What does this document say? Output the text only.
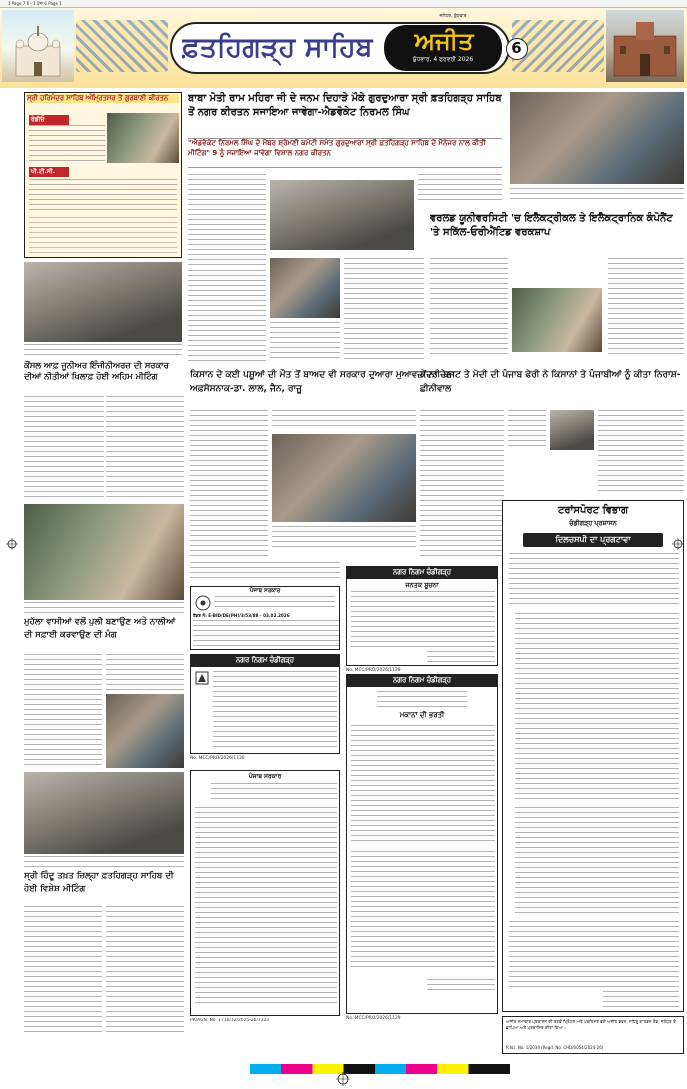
1 Page 7 6 - 1 ਪੰਨਾ 6 Page 1
ਫ਼ਤਹਿਗੜ੍ਹ ਸਾਹਿਬ	ਅਜੀਤ
ਬੁੱਧਵਾਰ, 4 ਫਰਵਰੀ 2026
ਜਲੰਧਰ, ਬੁੱਧਵਾਰ
6
ਸ੍ਰੀ ਹਰਿਮੰਦਰ ਸਾਹਿਬ ਅੰਮ੍ਰਿਤਸਰ ਤੋਂ ਗੁਰਬਾਣੀ ਕੀਰਤਨ
ਰੇਡੀਓ
ਪੀ.ਟੀ.ਸੀ.
ਬਾਬਾ ਮੋਤੀ ਰਾਮ ਮਹਿਰਾ ਜੀ ਦੇ ਜਨਮ ਦਿਹਾੜੇ ਮੌਕੇ ਗੁਰਦੁਆਰਾ ਸ੍ਰੀ ਫ਼ਤਹਿਗੜ੍ਹ ਸਾਹਿਬ ਤੋਂ ਨਗਰ ਕੀਰਤਨ ਸਜਾਇਆ ਜਾਵੇਗਾ-ਐਡਵੋਕੇਟ ਨਿਰਮਲ ਸਿੰਘ
"ਐਡਵੋਕੇਟ ਨਿਰਮਲ ਸਿੰਘ ਦੇ ਮੈਂਬਰ ਸ਼੍ਰੋਮਣੀ ਕਮੇਟੀ ਸਮੇਤ ਗੁਰਦੁਆਰਾ ਸ੍ਰੀ ਫ਼ਤਹਿਗੜ੍ਹ ਸਾਹਿਬ ਦੇ ਮੈਨੇਜਰ ਨਾਲ ਕੀਤੀ ਮੀਟਿੰਗ" 9 ਨੂੰ ਸਜਾਇਆ ਜਾਵੇਗਾ ਵਿਸ਼ਾਲ ਨਗਰ ਕੀਰਤਨ
ਵਰਲਡ ਯੂਨੀਵਰਸਿਟੀ 'ਚ ਇਲੈਕਟ੍ਰੀਕਲ ਤੇ ਇਲੈਕਟ੍ਰਾਨਿਕ ਕੰਪੋਨੈਂਟ 'ਤੇ ਸਕਿੱਲ-ਓਰੀਐਂਟਿਡ ਵਰਕਸ਼ਾਪ
ਕੌਂਸਲ ਆਫ਼ ਜੂਨੀਅਰ ਇੰਜੀਨੀਅਰਜ਼ ਦੀ ਸਰਕਾਰ ਦੀਆਂ ਨੀਤੀਆਂ ਖਿਲਾਫ਼ ਹੋਈ ਅਹਿਮ ਮੀਟਿੰਗ	ਕਿਸਾਨ ਦੇ ਕਈ ਪਸ਼ੂਆਂ ਦੀ ਮੌਤ ਤੋਂ ਬਾਅਦ ਵੀ ਸਰਕਾਰ ਦੁਆਰਾ ਮੁਆਵਜ਼ਾ ਨਾ ਦੇਣਾ ਅਫ਼ਸੋਸਨਾਕ-ਡਾ. ਲਾਲ, ਜੈਨ, ਰਾਜੂ
ਕੇਂਦਰੀ ਬਜਟ ਤੇ ਮੋਦੀ ਦੀ ਪੰਜਾਬ ਫੇਰੀ ਨੇ ਕਿਸਾਨਾਂ ਤੇ ਪੰਜਾਬੀਆਂ ਨੂੰ ਕੀਤਾ ਨਿਰਾਸ਼-ਛੀਨੀਵਾਲ
ਟਰਾਂਸਪੋਰਟ ਵਿਭਾਗ
ਚੰਡੀਗੜ੍ਹ ਪ੍ਰਸ਼ਾਸਨ
ਦਿਲਚਸਪੀ ਦਾ ਪ੍ਰਗਟਾਵਾ
ਮੁਹੱਲਾ ਵਾਸੀਆਂ ਵਲੋਂ ਪੁਲੀ ਬਣਾਉਣ ਅਤੇ ਨਾਲੀਆਂ ਦੀ ਸਫ਼ਾਈ ਕਰਵਾਉਣ ਦੀ ਮੰਗ
ਨਗਰ ਨਿਗਮ ਚੰਡੀਗੜ੍ਹ
ਜਨਤਕ ਸੂਚਨਾ
No. MCC/PRO/2026/1128
ਪੰਜਾਬ ਸਰਕਾਰ
ਟੈਂਡਰ ਨੰ: E-BID/DE(PH)/3/53/88 - 03.02.2026
ਨਗਰ ਨਿਗਮ ਚੰਡੀਗੜ੍ਹ
No. MCC/PRO/2026/1130
ਨਗਰ ਨਿਗਮ ਚੰਡੀਗੜ੍ਹ
ਮਕਾਨਾਂ ਦੀ ਭਰਤੀ
No. MCC/PRO/2026/1129
ਪੰਜਾਬ ਸਰਕਾਰ
PR/AGN. No. 1716/12/2025-26/7323
ਸ੍ਰੀ ਹਿੰਦੂ ਤਖ਼ਤ ਜ਼ਿਲ੍ਹਾ ਫ਼ਤਹਿਗੜ੍ਹ ਸਾਹਿਬ ਦੀ ਹੋਈ ਵਿਸ਼ੇਸ਼ ਮੀਟਿੰਗ
ਅਜੀਤ ਸਮਾਚਾਰ ਪ੍ਰਕਾਸ਼ਨ ਦੀ ਤਰਫ਼ੋਂ ਪ੍ਰਿੰਟਰ ਅਤੇ ਪਬਲਿਸ਼ਰ ਵਲੋਂ ਅਜੀਤ ਭਵਨ, ਨਹਿਰੂ ਗਾਰਡਨ ਰੋਡ, ਜਲੰਧਰ ਤੋਂ ਛਾਪਿਆ ਅਤੇ ਪ੍ਰਕਾਸ਼ਿਤ ਕੀਤਾ ਗਿਆ।
R.N.I. No. 1/2034 (Regd. No. CHD/0054/2024-26)
